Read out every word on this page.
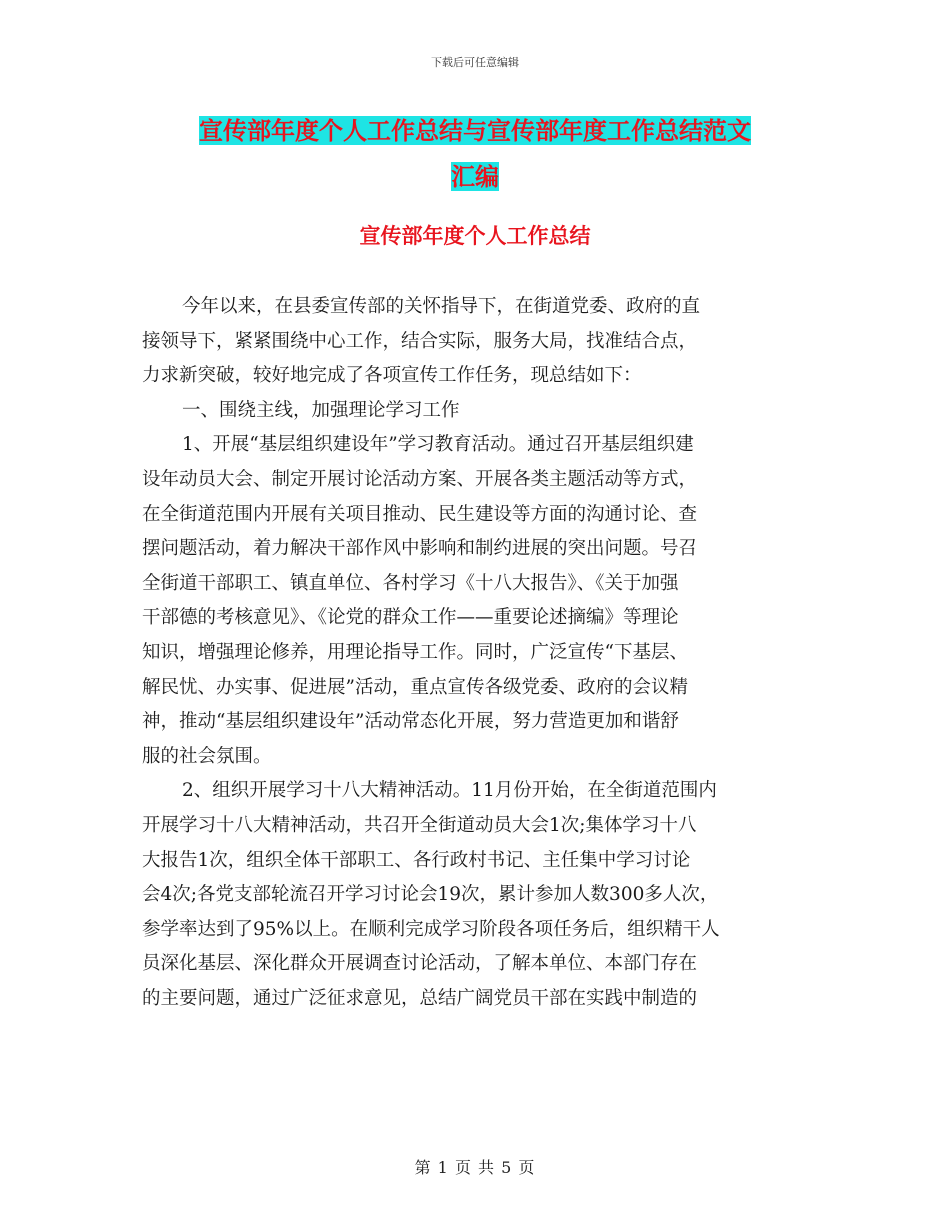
下载后可任意编辑
宣传部年度个人工作总结与宣传部年度工作总结范文
汇编
宣传部年度个人工作总结
今年以来，在县委宣传部的关怀指导下，在街道党委、政府的直
接领导下，紧紧围绕中心工作，结合实际，服务大局，找准结合点，
力求新突破，较好地完成了各项宣传工作任务，现总结如下：
一、围绕主线，加强理论学习工作
1、开展“基层组织建设年”学习教育活动。通过召开基层组织建
设年动员大会、制定开展讨论活动方案、开展各类主题活动等方式，
在全街道范围内开展有关项目推动、民生建设等方面的沟通讨论、查
摆问题活动，着力解决干部作风中影响和制约进展的突出问题。号召
全街道干部职工、镇直单位、各村学习《十八大报告》、《关于加强
干部德的考核意见》、《论党的群众工作——重要论述摘编》等理论
知识，增强理论修养，用理论指导工作。同时，广泛宣传“下基层、
解民忧、办实事、促进展”活动，重点宣传各级党委、政府的会议精
神，推动“基层组织建设年”活动常态化开展，努力营造更加和谐舒
服的社会氛围。
2、组织开展学习十八大精神活动。11月份开始，在全街道范围内
开展学习十八大精神活动，共召开全街道动员大会1次;集体学习十八
大报告1次，组织全体干部职工、各行政村书记、主任集中学习讨论
会4次;各党支部轮流召开学习讨论会19次，累计参加人数300多人次，
参学率达到了95%以上。在顺利完成学习阶段各项任务后，组织精干人
员深化基层、深化群众开展调查讨论活动，了解本单位、本部门存在
的主要问题，通过广泛征求意见，总结广阔党员干部在实践中制造的
第 1 页 共 5 页
